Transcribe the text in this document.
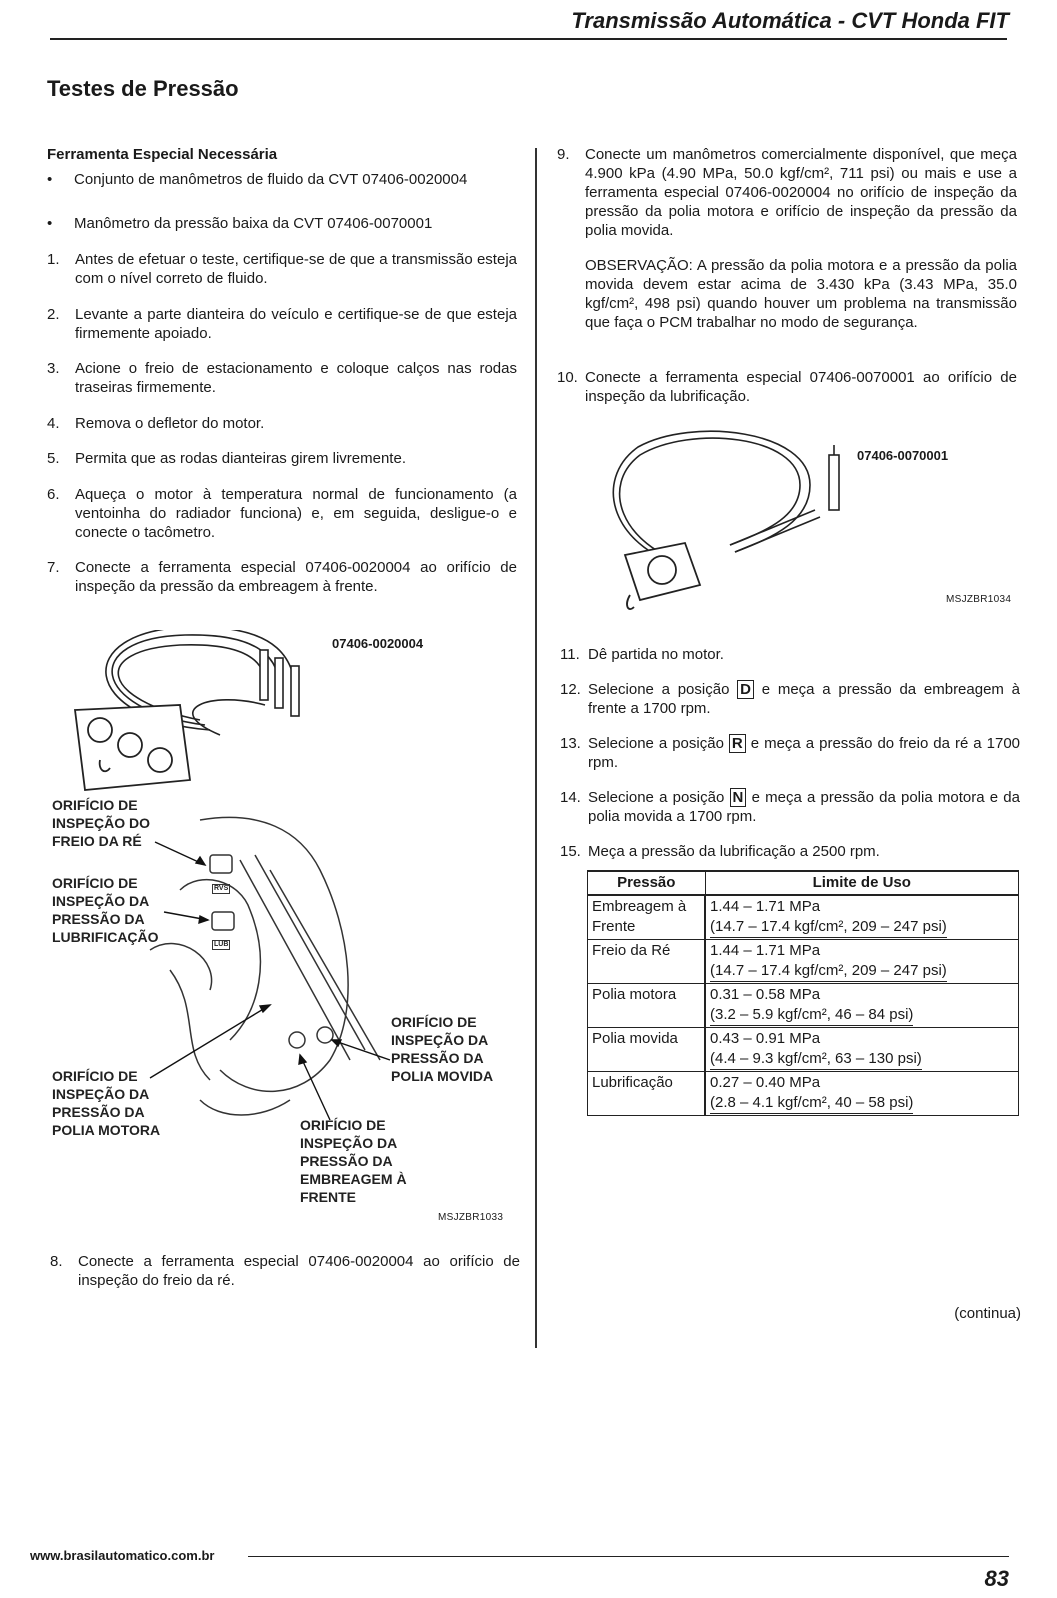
Transmissão Automática - CVT Honda FIT
Testes de Pressão
Ferramenta Especial Necessária
• Conjunto de manômetros de fluido da CVT 07406-0020004
• Manômetro da pressão baixa da CVT 07406-0070001
1. Antes de efetuar o teste, certifique-se de que a transmissão esteja com o nível correto de fluido.
2. Levante a parte dianteira do veículo e certifique-se de que esteja firmemente apoiado.
3. Acione o freio de estacionamento e coloque calços nas rodas traseiras firmemente.
4. Remova o defletor do motor.
5. Permita que as rodas dianteiras girem livremente.
6. Aqueça o motor à temperatura normal de funcionamento (a ventoinha do radiador funciona) e, em seguida, desligue-o e conecte o tacômetro.
7. Conecte a ferramenta especial 07406-0020004 ao orifício de inspeção da pressão da embreagem à frente.
07406-0020004
RVS
LUB
ORIFÍCIO DE INSPEÇÃO DO FREIO DA RÉ
ORIFÍCIO DE INSPEÇÃO DA PRESSÃO DA LUBRIFICAÇÃO
ORIFÍCIO DE INSPEÇÃO DA PRESSÃO DA POLIA MOVIDA
ORIFÍCIO DE INSPEÇÃO DA PRESSÃO DA POLIA MOTORA	ORIFÍCIO DE INSPEÇÃO DA PRESSÃO DA EMBREAGEM À FRENTE
MSJZBR1033
8. Conecte a ferramenta especial 07406-0020004 ao orifício de inspeção do freio da ré.
9. Conecte um manômetros comercialmente disponível, que meça 4.900 kPa (4.90 MPa, 50.0 kgf/cm², 711 psi) ou mais e use a ferramenta especial 07406-0020004 no orifício de inspeção da pressão da polia motora e orifício de inspeção da pressão da polia movida.
OBSERVAÇÃO: A pressão da polia motora e a pressão da polia movida devem estar acima de 3.430 kPa (3.43 MPa, 35.0 kgf/cm², 498 psi) quando houver um problema na transmissão que faça o PCM trabalhar no modo de segurança.
10. Conecte a ferramenta especial 07406-0070001 ao orifício de inspeção da lubrificação.
07406-0070001
MSJZBR1034
11. Dê partida no motor.
12. Selecione a posição D e meça a pressão da embreagem à frente a 1700 rpm.
13. Selecione a posição R e meça a pressão do freio da ré a 1700 rpm.
14. Selecione a posição N e meça a pressão da polia motora e da polia movida a 1700 rpm.
15. Meça a pressão da lubrificação a 2500 rpm.
Pressão	Limite de Uso
Embreagem à Frente	1.44 – 1.71 MPa
(14.7 – 17.4 kgf/cm², 209 – 247 psi)
Freio da Ré	1.44 – 1.71 MPa
(14.7 – 17.4 kgf/cm², 209 – 247 psi)
Polia motora	0.31 – 0.58 MPa
(3.2 – 5.9 kgf/cm², 46 – 84 psi)
Polia movida	0.43 – 0.91 MPa
(4.4 – 9.3 kgf/cm², 63 – 130 psi)
Lubrificação	0.27 – 0.40 MPa
(2.8 – 4.1 kgf/cm², 40 – 58 psi)
(continua)
www.brasilautomatico.com.br
83
